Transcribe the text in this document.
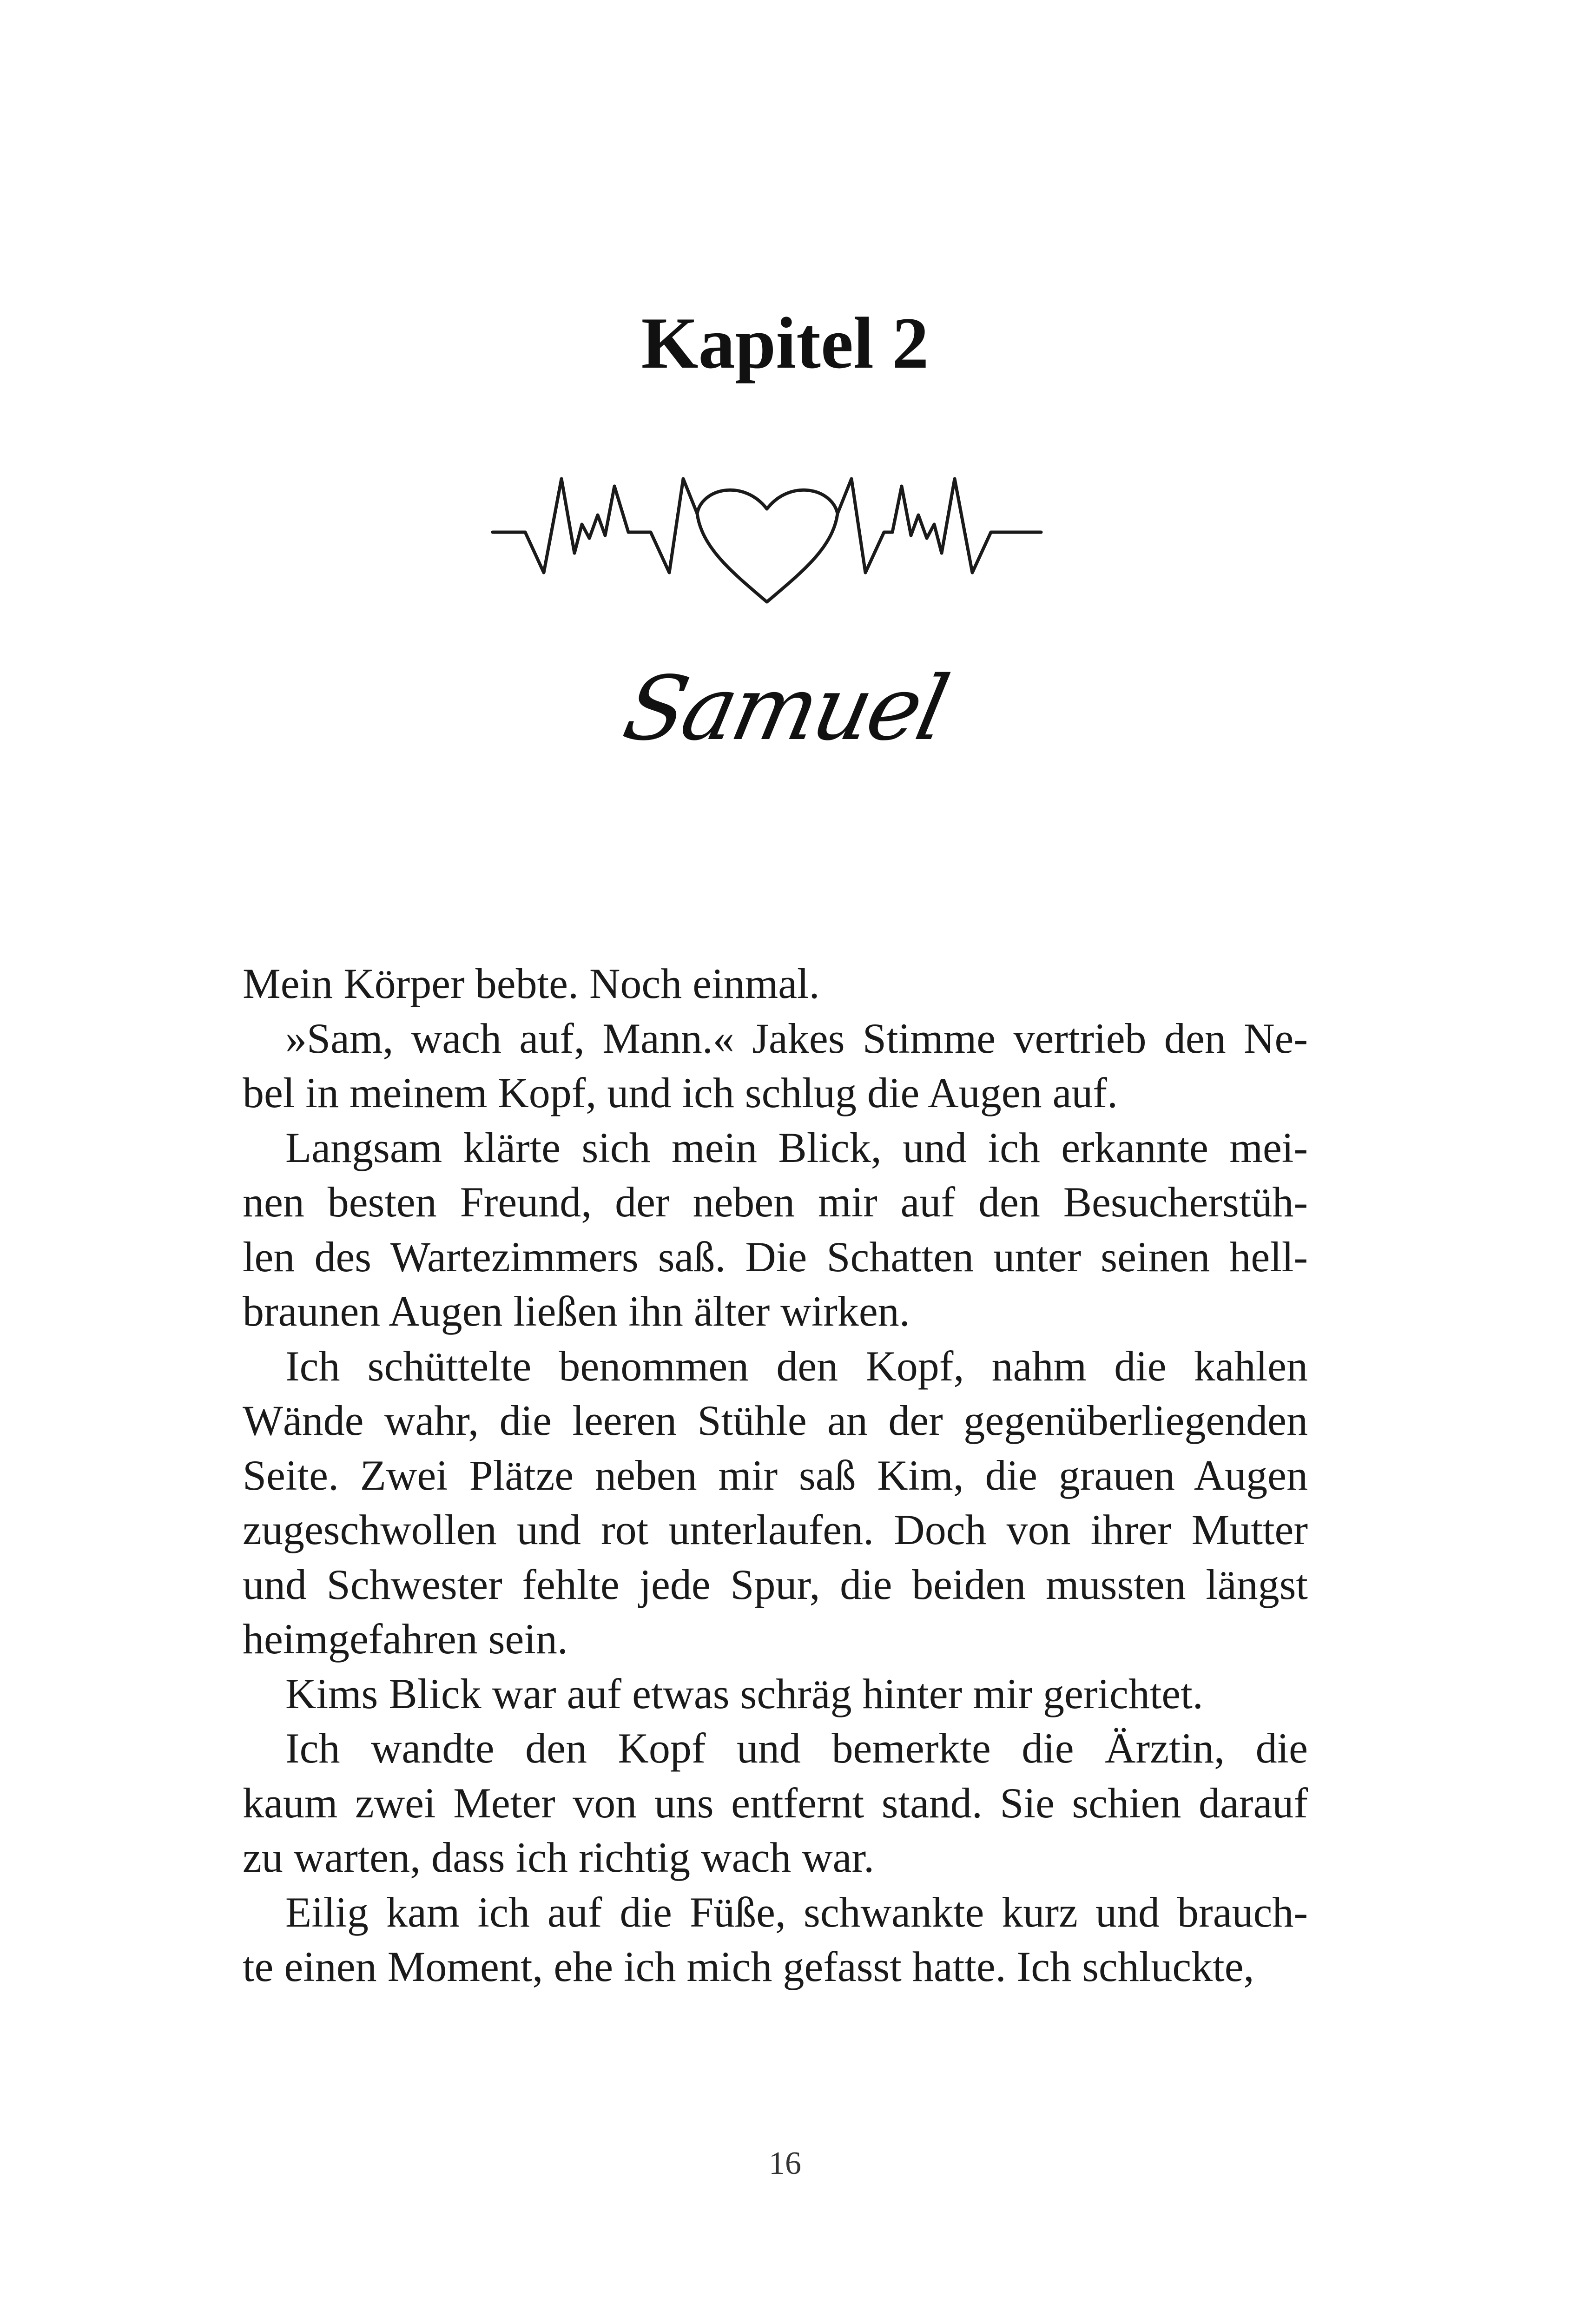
Kapitel 2
Samuel

Mein Körper bebte. Noch einmal.

»Sam, wach auf, Mann.« Jakes Stimme vertrieb den Ne-
bel in meinem Kopf, und ich schlug die Augen auf.

Langsam klärte sich mein Blick, und ich erkannte mei-
nen besten Freund, der neben mir auf den Besucherstüh-
len des Wartezimmers saß. Die Schatten unter seinen hell-
braunen Augen ließen ihn älter wirken.

Ich schüttelte benommen den Kopf, nahm die kahlen
Wände wahr, die leeren Stühle an der gegenüberliegenden
Seite. Zwei Plätze neben mir saß Kim, die grauen Augen
zugeschwollen und rot unterlaufen. Doch von ihrer Mutter
und Schwester fehlte jede Spur, die beiden mussten längst
heimgefahren sein.

Kims Blick war auf etwas schräg hinter mir gerichtet.

Ich wandte den Kopf und bemerkte die Ärztin, die
kaum zwei Meter von uns entfernt stand. Sie schien darauf
zu warten, dass ich richtig wach war.

Eilig kam ich auf die Füße, schwankte kurz und brauch-
te einen Moment, ehe ich mich gefasst hatte. Ich schluckte,

16
